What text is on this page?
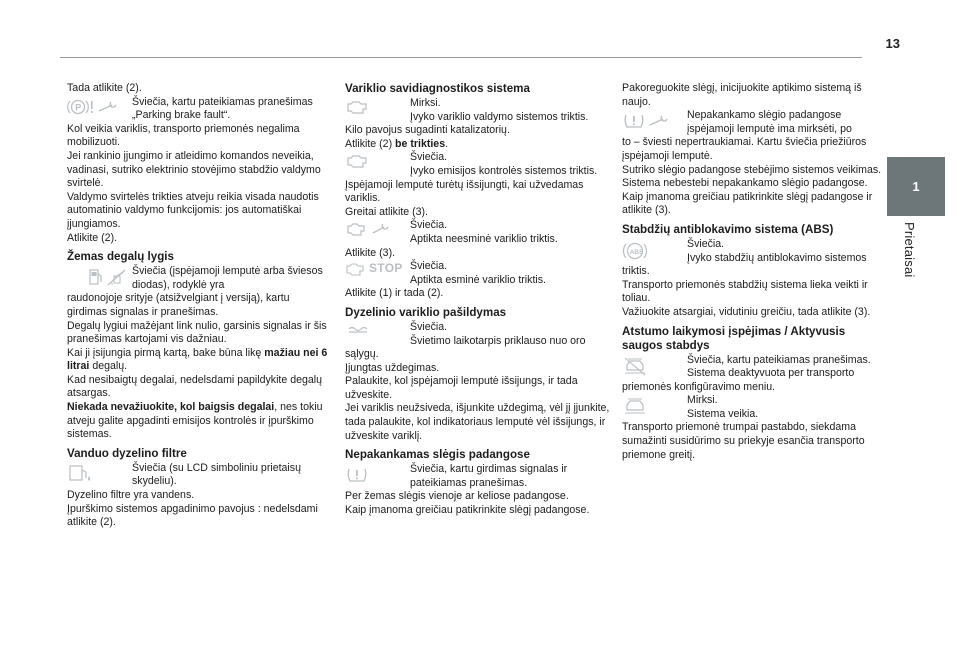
13
1
Prietaisai

Tada atlikite (2).

P	Šviečia, kartu pateikiamas pranešimas „Parking brake fault“.

Kol veikia variklis, transporto priemonės negalima mobilizuoti.

Jei rankinio įjungimo ir atleidimo komandos neveikia, vadinasi, sutriko elektrinio stovėjimo stabdžio valdymo svirtelė.

Valdymo svirtelės trikties atveju reikia visada naudotis automatinio valdymo funkcijomis: jos automatiškai įjungiamos.

Atlikite (2).

Žemas degalų lygis
Šviečia (įspėjamoji lemputė arba šviesos diodas), rodyklė yra

raudonojoje srityje (atsižvelgiant į versiją), kartu girdimas signalas ir pranešimas.

Degalų lygiui mažėjant link nulio, garsinis signalas ir šis pranešimas kartojami vis dažniau.

Kai ji įsijungia pirmą kartą, bake būna likę mažiau nei 6 litrai degalų.

Kad nesibaigtų degalai, nedelsdami papildykite degalų atsargas.

Niekada nevažiuokite, kol baigsis degalai, nes tokiu atveju galite apgadinti emisijos kontrolės ir įpurškimo sistemas.

Vanduo dyzelino filtre
Šviečia (su LCD simboliniu prietaisų skydeliu).

Dyzelino filtre yra vandens.

Įpurškimo sistemos apgadinimo pavojus : nedelsdami atlikite (2).

Variklio savidiagnostikos sistema
Mirksi.
Įvyko variklio valdymo sistemos triktis.

Kilo pavojus sugadinti katalizatorių.

Atlikite (2) be trikties.

Šviečia.
Įvyko emisijos kontrolės sistemos triktis.

Įspėjamoji lemputė turėtų išsijungti, kai užvedamas variklis.

Greitai atlikite (3).

Šviečia.
Aptikta neesminė variklio triktis.

Atlikite (3).

STOP Šviečia.
Aptikta esminė variklio triktis.

Atlikite (1) ir tada (2).

Dyzelinio variklio pašildymas
Šviečia.
Švietimo laikotarpis priklauso nuo oro

sąlygų.

Įjungtas uždegimas.

Palaukite, kol įspėjamoji lemputė išsijungs, ir tada užveskite.

Jei variklis neužsiveda, išjunkite uždegimą, vėl jį įjunkite, tada palaukite, kol indikatoriaus lemputė vėl išsijungs, ir užveskite variklį.

Nepakankamas slėgis padangose
Šviečia, kartu girdimas signalas ir pateikiamas pranešimas.

Per žemas slėgis vienoje ar keliose padangose.

Kaip įmanoma greičiau patikrinkite slėgį padangose.

Pakoreguokite slėgį, inicijuokite aptikimo sistemą iš naujo.

Nepakankamo slėgio padangose įspėjamoji lemputė ima mirksėti, po

to – šviesti nepertraukiamai. Kartu šviečia priežiūros įspėjamoji lemputė.

Sutriko slėgio padangose stebėjimo sistemos veikimas.

Sistema nebestebi nepakankamo slėgio padangose.

Kaip įmanoma greičiau patikrinkite slėgį padangose ir atlikite (3).

Stabdžių antiblokavimo sistema (ABS)
ABS
Šviečia.
Įvyko stabdžių antiblokavimo sistemos

triktis.

Transporto priemonės stabdžių sistema lieka veikti ir toliau.

Važiuokite atsargiai, vidutiniu greičiu, tada atlikite (3).

Atstumo laikymosi įspėjimas / Aktyvusis saugos stabdys
Šviečia, kartu pateikiamas pranešimas. Sistema deaktyvuota per transporto

priemonės konfigūravimo meniu.

Mirksi.
Sistema veikia.

Transporto priemonė trumpai pastabdo, siekdama sumažinti susidūrimo su priekyje esančia transporto priemone greitį.
